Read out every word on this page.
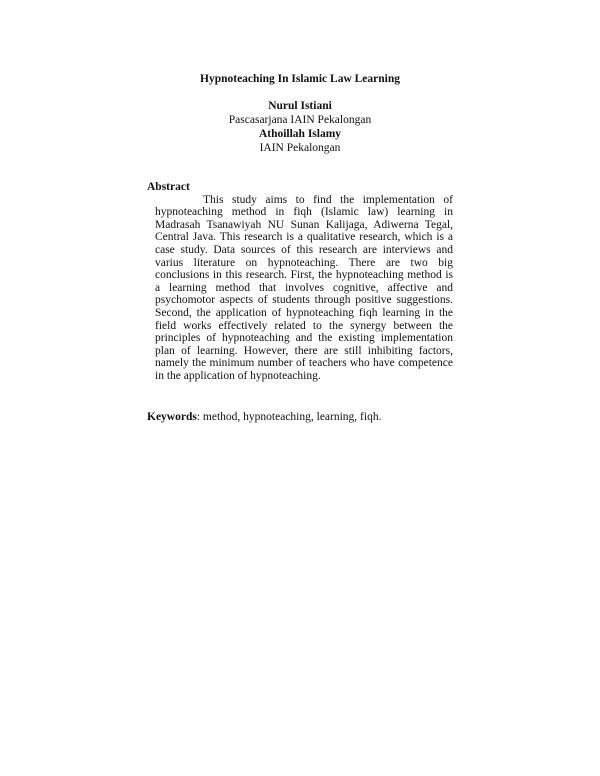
Hypnoteaching In Islamic Law Learning
Nurul Istiani
Pascasarjana IAIN Pekalongan
Athoillah Islamy
IAIN Pekalongan
Abstract

This study aims to find the implementation of hypnoteaching method in fiqh (Islamic law) learning in Madrasah Tsanawiyah NU Sunan Kalijaga, Adiwerna Tegal, Central Java. This research is a qualitative research, which is a case study. Data sources of this research are interviews and varius literature on hypnoteaching. There are two big conclusions in this research. First, the hypnoteaching method is a learning method that involves cognitive, affective and psychomotor aspects of students through positive suggestions. Second, the application of hypnoteaching fiqh learning in the field works effectively related to the synergy between the principles of hypnoteaching and the existing implementation plan of learning. However, there are still inhibiting factors, namely the minimum number of teachers who have competence in the application of hypnoteaching.

Keywords: method, hypnoteaching, learning, fiqh.
